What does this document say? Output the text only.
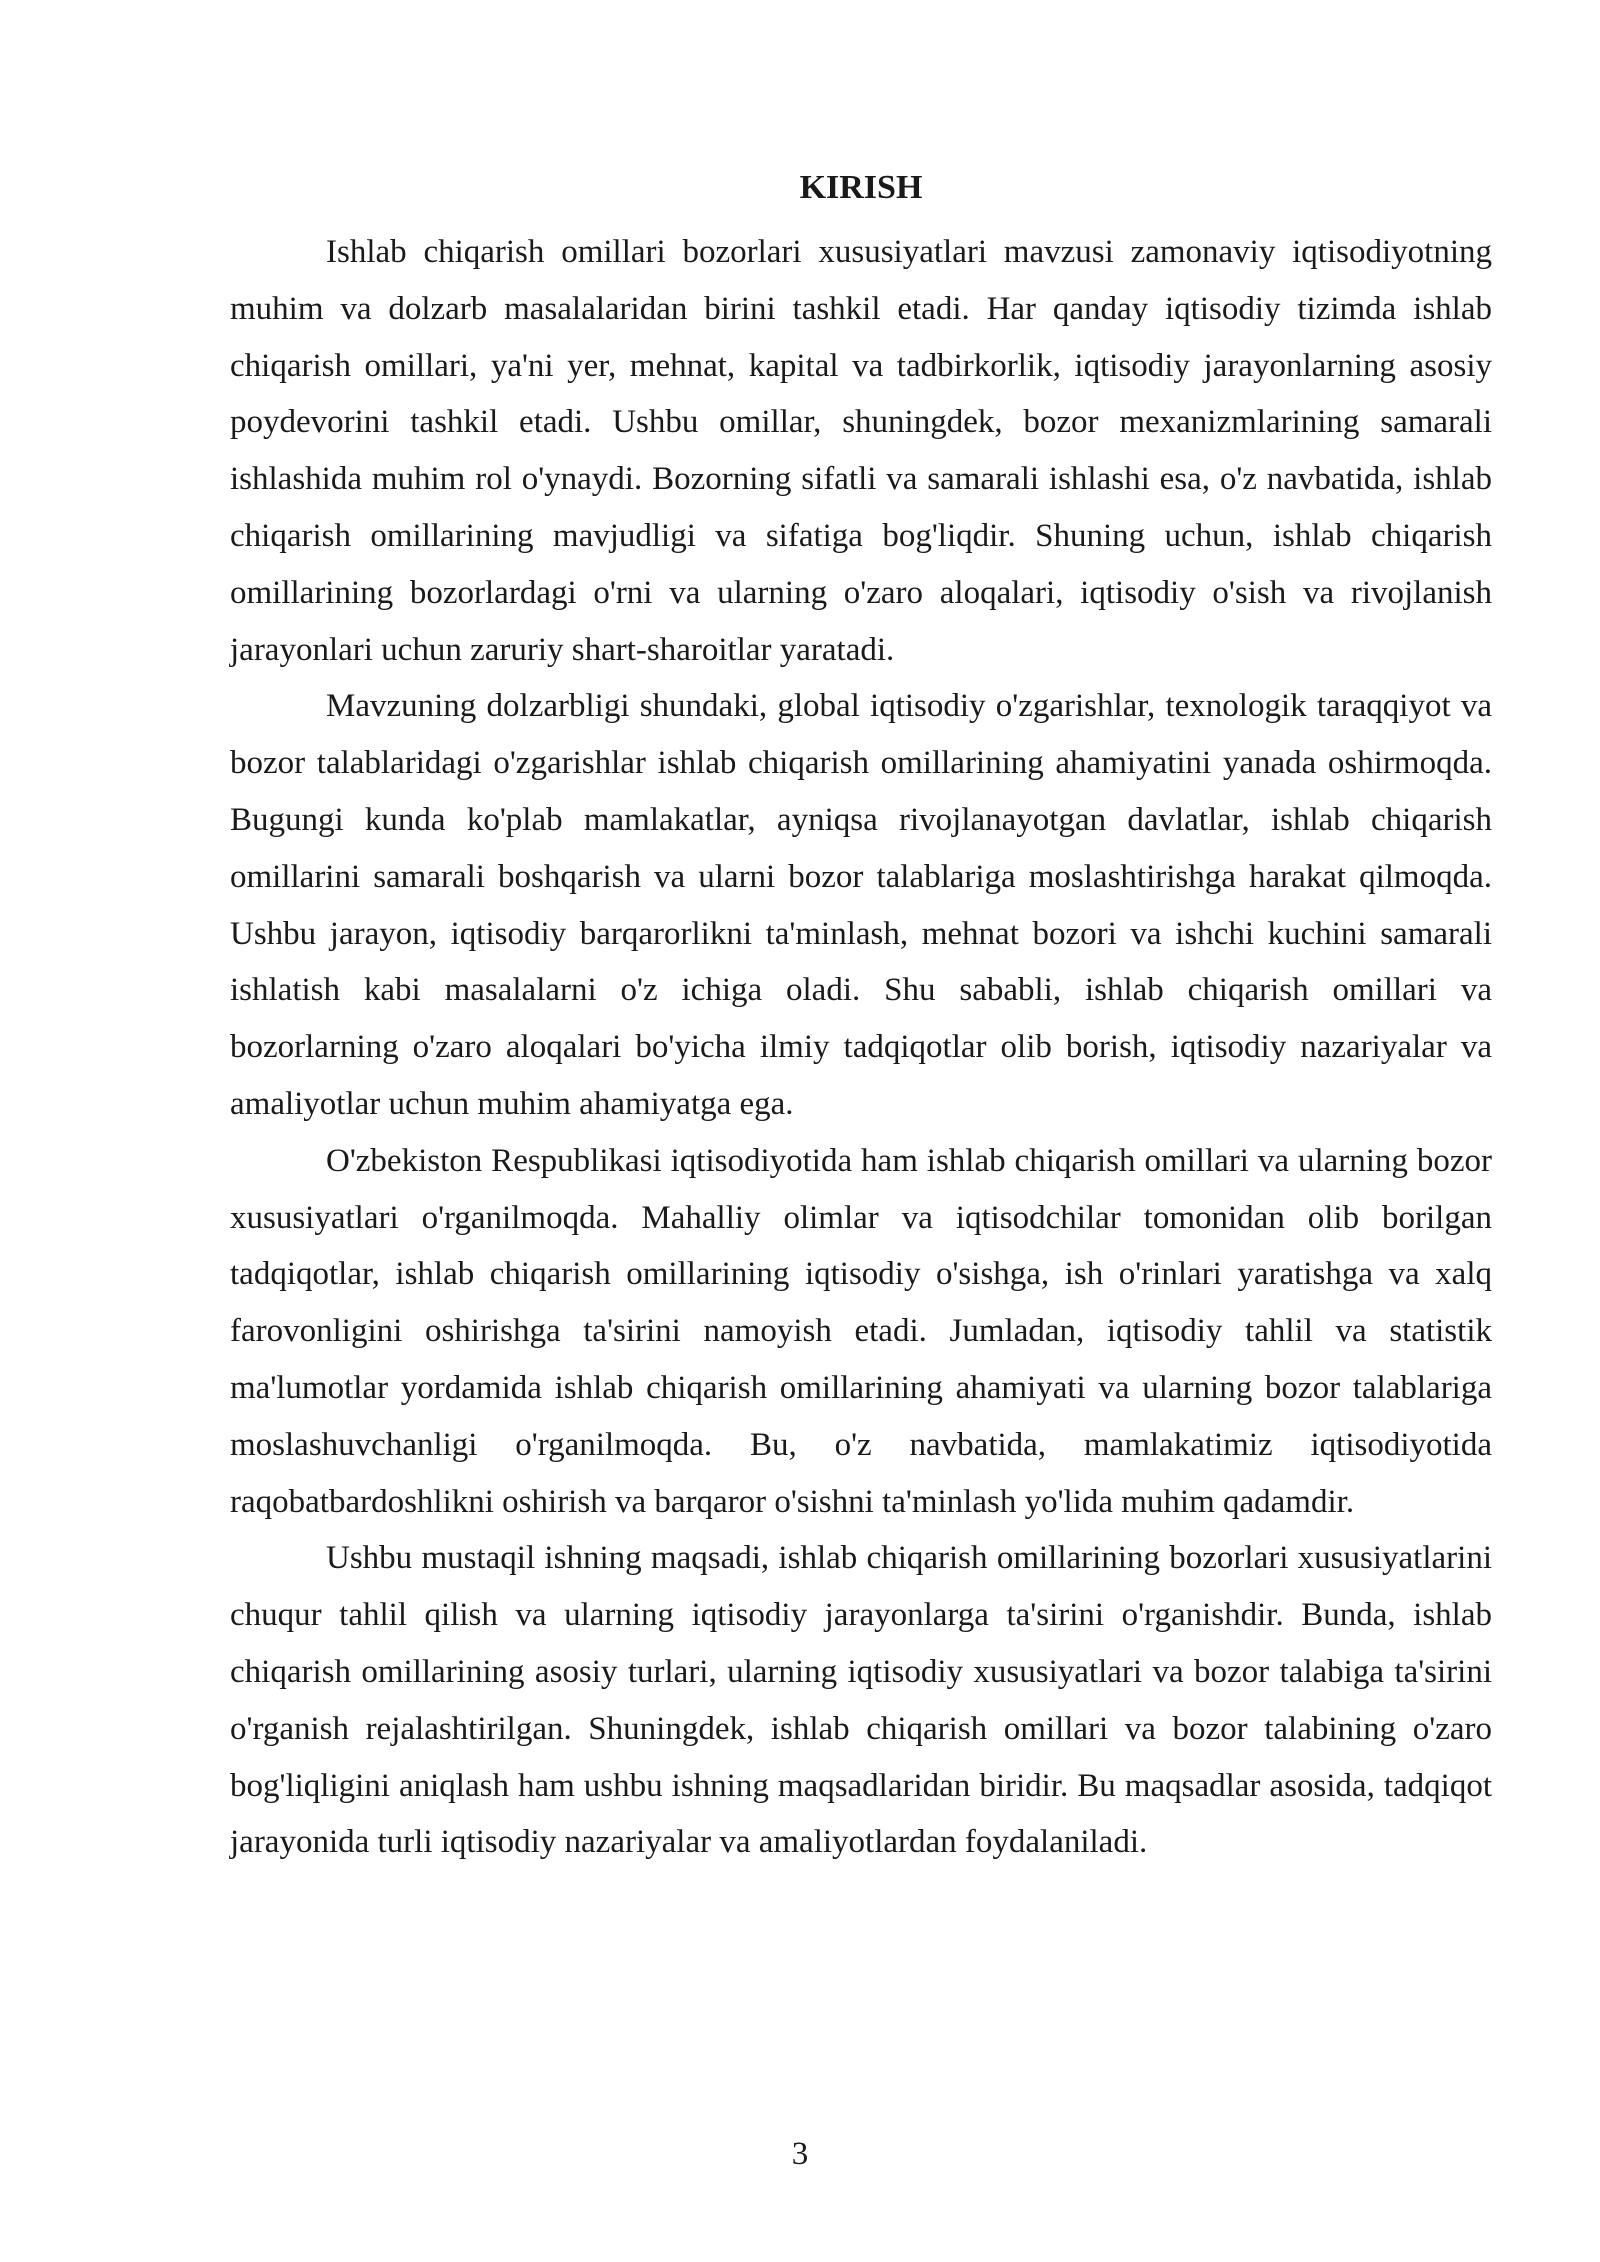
KIRISH

Ishlab chiqarish omillari bozorlari xususiyatlari mavzusi zamonaviy iqtisodiyotning muhim va dolzarb masalalaridan birini tashkil etadi. Har qanday iqtisodiy tizimda ishlab chiqarish omillari, ya'ni yer, mehnat, kapital va tadbirkorlik, iqtisodiy jarayonlarning asosiy poydevorini tashkil etadi. Ushbu omillar, shuningdek, bozor mexanizmlarining samarali ishlashida muhim rol o'ynaydi. Bozorning sifatli va samarali ishlashi esa, o'z navbatida, ishlab chiqarish omillarining mavjudligi va sifatiga bog'liqdir. Shuning uchun, ishlab chiqarish omillarining bozorlardagi o'rni va ularning o'zaro aloqalari, iqtisodiy o'sish va rivojlanish jarayonlari uchun zaruriy shart-sharoitlar yaratadi.

Mavzuning dolzarbligi shundaki, global iqtisodiy o'zgarishlar, texnologik taraqqiyot va bozor talablaridagi o'zgarishlar ishlab chiqarish omillarining ahamiyatini yanada oshirmoqda. Bugungi kunda ko'plab mamlakatlar, ayniqsa rivojlanayotgan davlatlar, ishlab chiqarish omillarini samarali boshqarish va ularni bozor talablariga moslashtirishga harakat qilmoqda. Ushbu jarayon, iqtisodiy barqarorlikni ta'minlash, mehnat bozori va ishchi kuchini samarali ishlatish kabi masalalarni o'z ichiga oladi. Shu sababli, ishlab chiqarish omillari va bozorlarning o'zaro aloqalari bo'yicha ilmiy tadqiqotlar olib borish, iqtisodiy nazariyalar va amaliyotlar uchun muhim ahamiyatga ega.

O'zbekiston Respublikasi iqtisodiyotida ham ishlab chiqarish omillari va ularning bozor xususiyatlari o'rganilmoqda. Mahalliy olimlar va iqtisodchilar tomonidan olib borilgan tadqiqotlar, ishlab chiqarish omillarining iqtisodiy o'sishga, ish o'rinlari yaratishga va xalq farovonligini oshirishga ta'sirini namoyish etadi. Jumladan, iqtisodiy tahlil va statistik ma'lumotlar yordamida ishlab chiqarish omillarining ahamiyati va ularning bozor talablariga moslashuvchanligi o'rganilmoqda. Bu, o'z navbatida, mamlakatimiz iqtisodiyotida raqobatbardoshlikni oshirish va barqaror o'sishni ta'minlash yo'lida muhim qadamdir.

Ushbu mustaqil ishning maqsadi, ishlab chiqarish omillarining bozorlari xususiyatlarini chuqur tahlil qilish va ularning iqtisodiy jarayonlarga ta'sirini o'rganishdir. Bunda, ishlab chiqarish omillarining asosiy turlari, ularning iqtisodiy xususiyatlari va bozor talabiga ta'sirini o'rganish rejalashtirilgan. Shuningdek, ishlab chiqarish omillari va bozor talabining o'zaro bog'liqligini aniqlash ham ushbu ishning maqsadlaridan biridir. Bu maqsadlar asosida, tadqiqot jarayonida turli iqtisodiy nazariyalar va amaliyotlardan foydalaniladi.

3
